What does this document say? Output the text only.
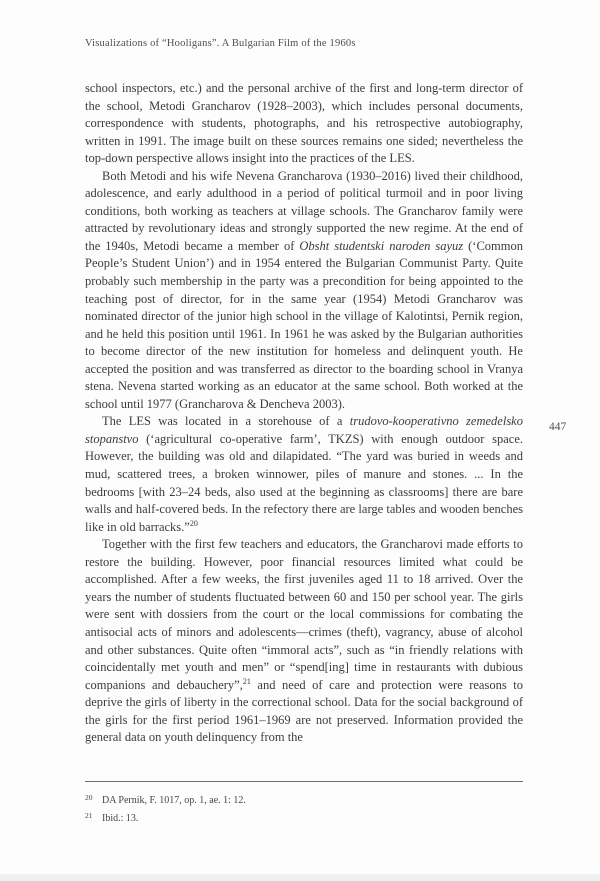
Visualizations of “Hooligans”. A Bulgarian Film of the 1960s
447

school inspectors, etc.) and the personal archive of the first and long-term director of the school, Metodi Grancharov (1928–2003), which includes personal documents, correspondence with students, photographs, and his retrospective autobiography, written in 1991. The image built on these sources remains one sided; nevertheless the top-down perspective allows insight into the practices of the LES.

Both Metodi and his wife Nevena Grancharova (1930–2016) lived their childhood, adolescence, and early adulthood in a period of political turmoil and in poor living conditions, both working as teachers at village schools. The Grancharov family were attracted by revolutionary ideas and strongly supported the new regime. At the end of the 1940s, Metodi became a member of Obsht studentski naroden sayuz (‘Common People’s Student Union’) and in 1954 entered the Bulgarian Communist Party. Quite probably such membership in the party was a precondition for being appointed to the teaching post of director, for in the same year (1954) Metodi Grancharov was nominated director of the junior high school in the village of Kalotintsi, Pernik region, and he held this position until 1961. In 1961 he was asked by the Bulgarian authorities to become director of the new institution for homeless and delinquent youth. He accepted the position and was transferred as director to the boarding school in Vranya stena. Nevena started working as an educator at the same school. Both worked at the school until 1977 (Grancharova & Dencheva 2003).

The LES was located in a storehouse of a trudovo-kooperativno zemedelsko stopanstvo (‘agricultural co-operative farm’, TKZS) with enough outdoor space. However, the building was old and dilapidated. “The yard was buried in weeds and mud, scattered trees, a broken winnower, piles of manure and stones. ... In the bedrooms [with 23–24 beds, also used at the beginning as classrooms] there are bare walls and half-covered beds. In the refectory there are large tables and wooden benches like in old barracks.”$^{20}$

Together with the first few teachers and educators, the Grancharovi made efforts to restore the building. However, poor financial resources limited what could be accomplished. After a few weeks, the first juveniles aged 11 to 18 arrived. Over the years the number of students fluctuated between 60 and 150 per school year. The girls were sent with dossiers from the court or the local commissions for combating the antisocial acts of minors and adolescents—crimes (theft), vagrancy, abuse of alcohol and other substances. Quite often “immoral acts”, such as “in friendly relations with coincidentally met youth and men” or “spend[ing] time in restaurants with dubious companions and debauchery”,$^{21}$ and need of care and protection were reasons to deprive the girls of liberty in the correctional school. Data for the social background of the girls for the first period 1961–1969 are not preserved. Information provided the general data on youth delinquency from the

20 DA Pernik, F. 1017, op. 1, ae. 1: 12.
21 Ibid.: 13.
